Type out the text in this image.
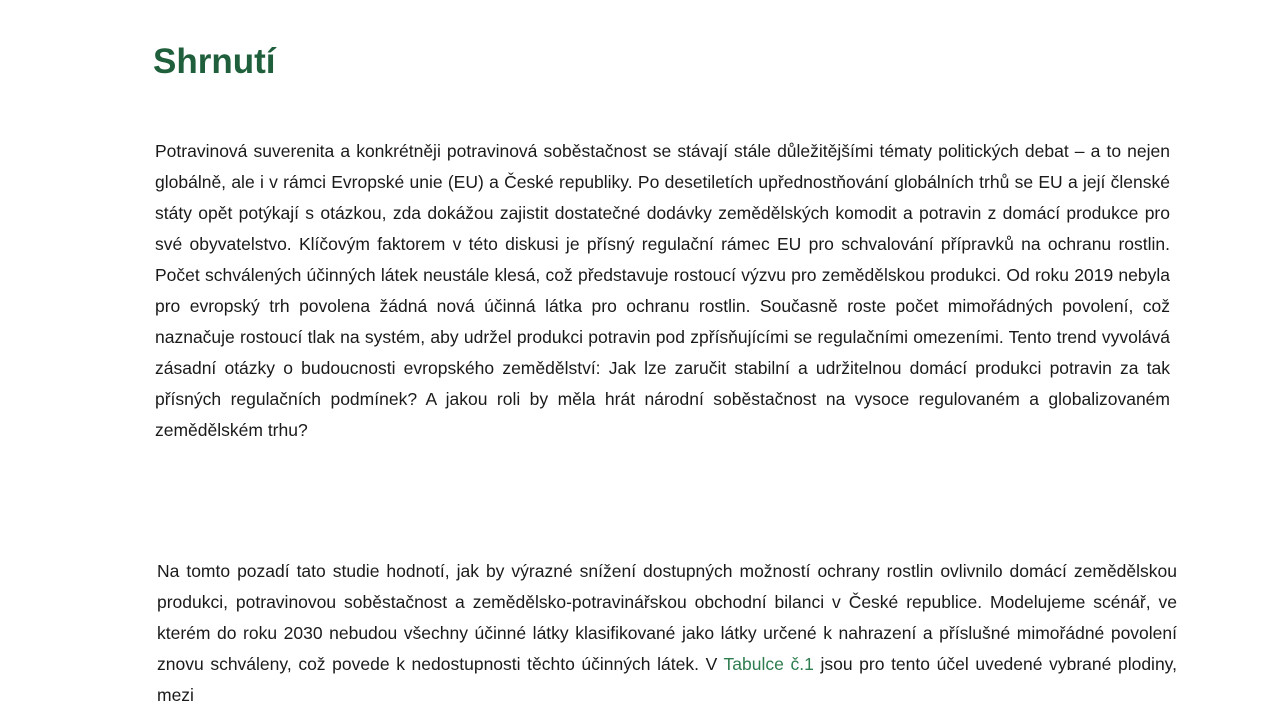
Shrnutí

Potravinová suverenita a konkrétněji potravinová soběstačnost se stávají stále důležitějšími tématy politických debat – a to nejen globálně, ale i v rámci Evropské unie (EU) a České republiky. Po desetiletích upřednostňování globálních trhů se EU a její členské státy opět potýkají s otázkou, zda dokážou zajistit dostatečné dodávky zemědělských komodit a potravin z domácí produkce pro své obyvatelstvo. Klíčovým faktorem v této diskusi je přísný regulační rámec EU pro schvalování přípravků na ochranu rostlin. Počet schválených účinných látek neustále klesá, což představuje rostoucí výzvu pro zemědělskou produkci. Od roku 2019 nebyla pro evropský trh povolena žádná nová účinná látka pro ochranu rostlin. Současně roste počet mimořádných povolení, což naznačuje rostoucí tlak na systém, aby udržel produkci potravin pod zpřísňujícími se regulačními omezeními. Tento trend vyvolává zásadní otázky o budoucnosti evropského zemědělství: Jak lze zaručit stabilní a udržitelnou domácí produkci potravin za tak přísných regulačních podmínek? A jakou roli by měla hrát národní soběstačnost na vysoce regulovaném a globalizovaném zemědělském trhu?

Na tomto pozadí tato studie hodnotí, jak by výrazné snížení dostupných možností ochrany rostlin ovlivnilo domácí zemědělskou produkci, potravinovou soběstačnost a zemědělsko-potravinářskou obchodní bilanci v České republice. Modelujeme scénář, ve kterém do roku 2030 nebudou všechny účinné látky klasifikované jako látky určené k nahrazení a příslušné mimořádné povolení znovu schváleny, což povede k nedostupnosti těchto účinných látek. V Tabulce č.1 jsou pro tento účel uvedené vybrané plodiny, mezi
